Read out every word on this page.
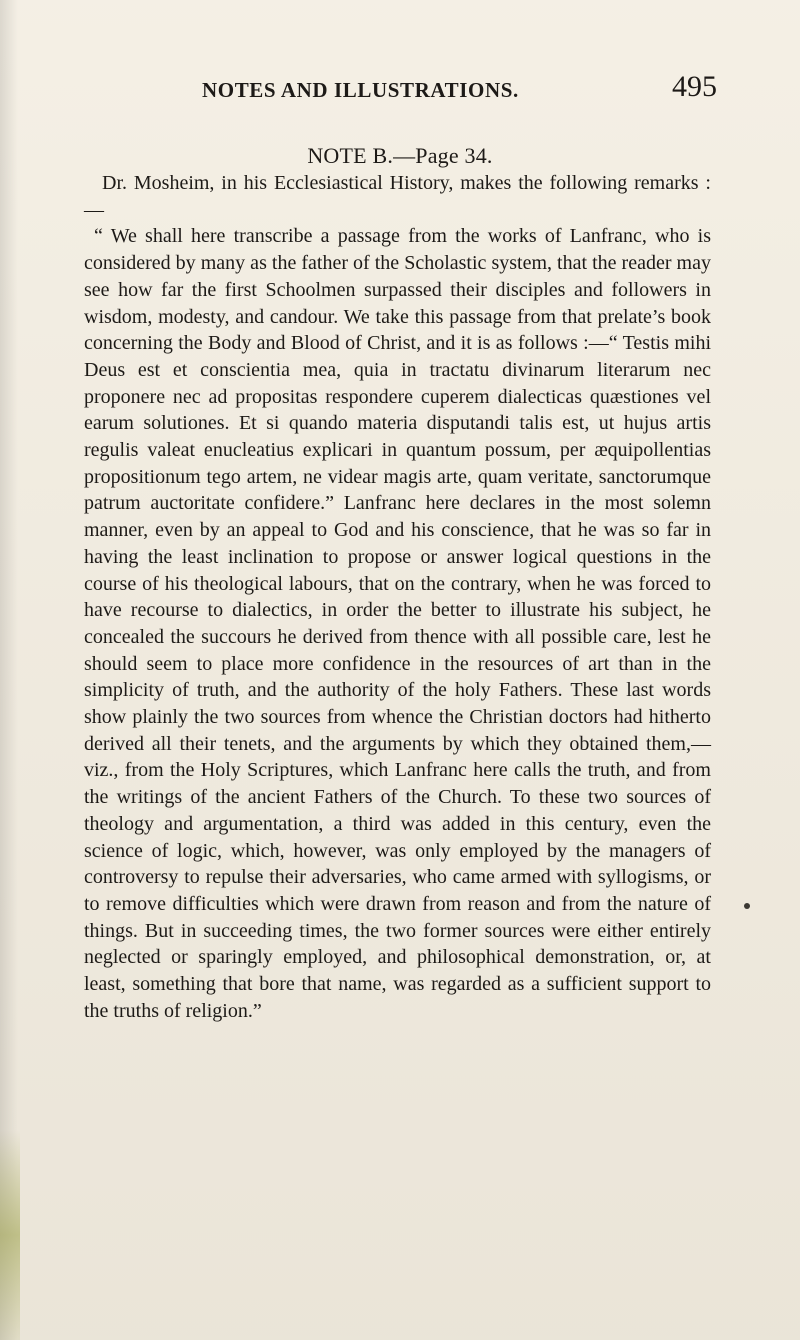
NOTES AND ILLUSTRATIONS.	495
NOTE B.—Page 34.

Dr. Mosheim, in his Ecclesiastical History, makes the following remarks :—

“ We shall here transcribe a passage from the works of Lanfranc, who is considered by many as the father of the Scholastic system, that the reader may see how far the first Schoolmen surpassed their disciples and followers in wisdom, modesty, and candour. We take this passage from that prelate’s book concerning the Body and Blood of Christ, and it is as follows :—“ Testis mihi Deus est et conscientia mea, quia in tractatu divinarum literarum nec proponere nec ad propositas respondere cuperem dialecticas quæstiones vel earum solutiones. Et si quando materia disputandi talis est, ut hujus artis regulis valeat enucleatius explicari in quantum possum, per æquipollentias propositionum tego artem, ne videar magis arte, quam veritate, sanctorumque patrum auctoritate confidere.” Lanfranc here declares in the most solemn manner, even by an appeal to God and his conscience, that he was so far in having the least inclination to propose or answer logical questions in the course of his theological labours, that on the contrary, when he was forced to have recourse to dialectics, in order the better to illustrate his subject, he concealed the succours he derived from thence with all possible care, lest he should seem to place more confidence in the resources of art than in the simplicity of truth, and the authority of the holy Fathers. These last words show plainly the two sources from whence the Christian doctors had hitherto derived all their tenets, and the arguments by which they obtained them,— viz., from the Holy Scriptures, which Lanfranc here calls the truth, and from the writings of the ancient Fathers of the Church. To these two sources of theology and argumentation, a third was added in this century, even the science of logic, which, however, was only employed by the managers of controversy to repulse their adversaries, who came armed with syllogisms, or to remove difficulties which were drawn from reason and from the nature of things. But in succeeding times, the two former sources were either entirely neglected or sparingly employed, and philosophical demonstration, or, at least, something that bore that name, was regarded as a sufficient support to the truths of religion.”
